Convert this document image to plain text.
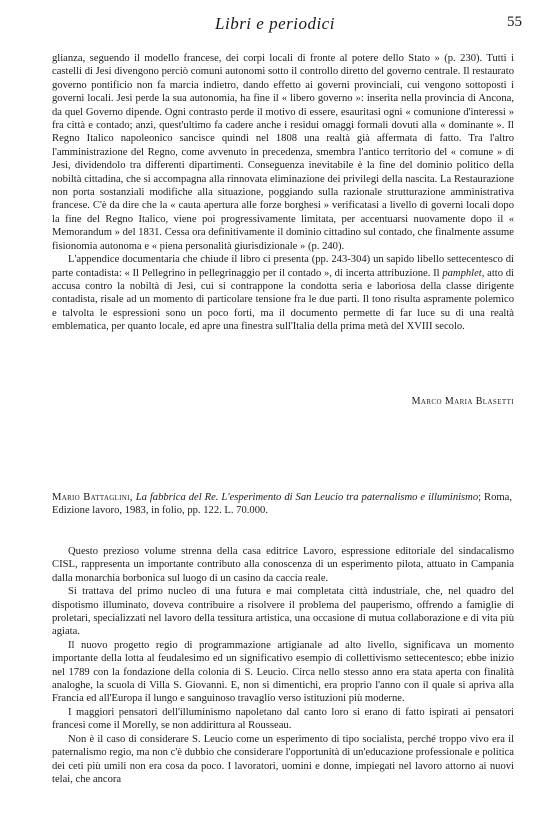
Libri e periodici	55

glianza, seguendo il modello francese, dei corpi locali di fronte al potere dello Stato » (p. 230). Tutti i castelli di Jesi divengono perciò comuni autonomi sotto il controllo diretto del governo centrale. Il restaurato governo pontificio non fa marcia indietro, dando effetto ai governi provinciali, cui vengono sottoposti i governi locali. Jesi perde la sua autonomia, ha fine il « libero governo »: inserita nella provincia di Ancona, da quel Governo dipende. Ogni contrasto perde il motivo di essere, esauritasi ogni « comunione d'interessi » fra città e contado; anzi, quest'ultimo fa cadere anche i residui omaggi formali dovuti alla « dominante ». Il Regno Italico napoleonico sancisce quindi nel 1808 una realtà già affermata di fatto. Tra l'altro l'amministrazione del Regno, come avvenuto in precedenza, smembra l'antico territorio del « comune » di Jesi, dividendolo tra differenti dipartimenti. Conseguenza inevitabile è la fine del dominio politico della nobiltà cittadina, che si accompagna alla rinnovata eliminazione dei privilegi della nascita. La Restaurazione non porta sostanziali modifiche alla situazione, poggiando sulla razionale strutturazione amministrativa francese. C'è da dire che la « cauta apertura alle forze borghesi » verificatasi a livello di governi locali dopo la fine del Regno Italico, viene poi progressivamente limitata, per accentuarsi nuovamente dopo il « Memorandum » del 1831. Cessa ora definitivamente il dominio cittadino sul contado, che finalmente assume fisionomia autonoma e « piena personalità giurisdizionale » (p. 240).

L'appendice documentaria che chiude il libro ci presenta (pp. 243-304) un sapido libello settecentesco di parte contadista: « Il Pellegrino in pellegrinaggio per il contado », di incerta attribuzione. Il pamphlet, atto di accusa contro la nobiltà di Jesi, cui si contrappone la condotta seria e laboriosa della classe dirigente contadista, risale ad un momento di particolare tensione fra le due parti. Il tono risulta aspramente polemico e talvolta le espressioni sono un poco forti, ma il documento permette di far luce su di una realtà emblematica, per quanto locale, ed apre una finestra sull'Italia della prima metà del XVIII secolo.

Marco Maria Blasetti
Mario Battaglini, La fabbrica del Re. L'esperimento di San Leucio tra paternalismo e illuminismo; Roma, Edizione lavoro, 1983, in folio, pp. 122. L. 70.000.

Questo prezioso volume strenna della casa editrice Lavoro, espressione editoriale del sindacalismo CISL, rappresenta un importante contributo alla conoscenza di un esperimento pilota, attuato in Campania dalla monarchia borbonica sul luogo di un casino da caccia reale.

Si trattava del primo nucleo di una futura e mai completata città industriale, che, nel quadro del dispotismo illuminato, doveva contribuire a risolvere il problema del pauperismo, offrendo a famiglie di proletari, specializzati nel lavoro della tessitura artistica, una occasione di mutua collaborazione e di vita più agiata.

Il nuovo progetto regio di programmazione artigianale ad alto livello, significava un momento importante della lotta al feudalesimo ed un significativo esempio di collettivismo settecentesco; ebbe inizio nel 1789 con la fondazione della colonia di S. Leucio. Circa nello stesso anno era stata aperta con finalità analoghe, la scuola di Villa S. Giovanni. E, non si dimentichi, era proprio l'anno con il quale si apriva alla Francia ed all'Europa il lungo e sanguinoso travaglio verso istituzioni più moderne.

I maggiori pensatori dell'illuminismo napoletano dal canto loro si erano di fatto ispirati ai pensatori francesi come il Morelly, se non addirittura al Rousseau.

Non è il caso di considerare S. Leucio come un esperimento di tipo socialista, perché troppo vivo era il paternalismo regio, ma non c'è dubbio che considerare l'opportunità di un'educazione professionale e politica dei ceti più umili non era cosa da poco. I lavoratori, uomini e donne, impiegati nel lavoro attorno ai nuovi telai, che ancora
